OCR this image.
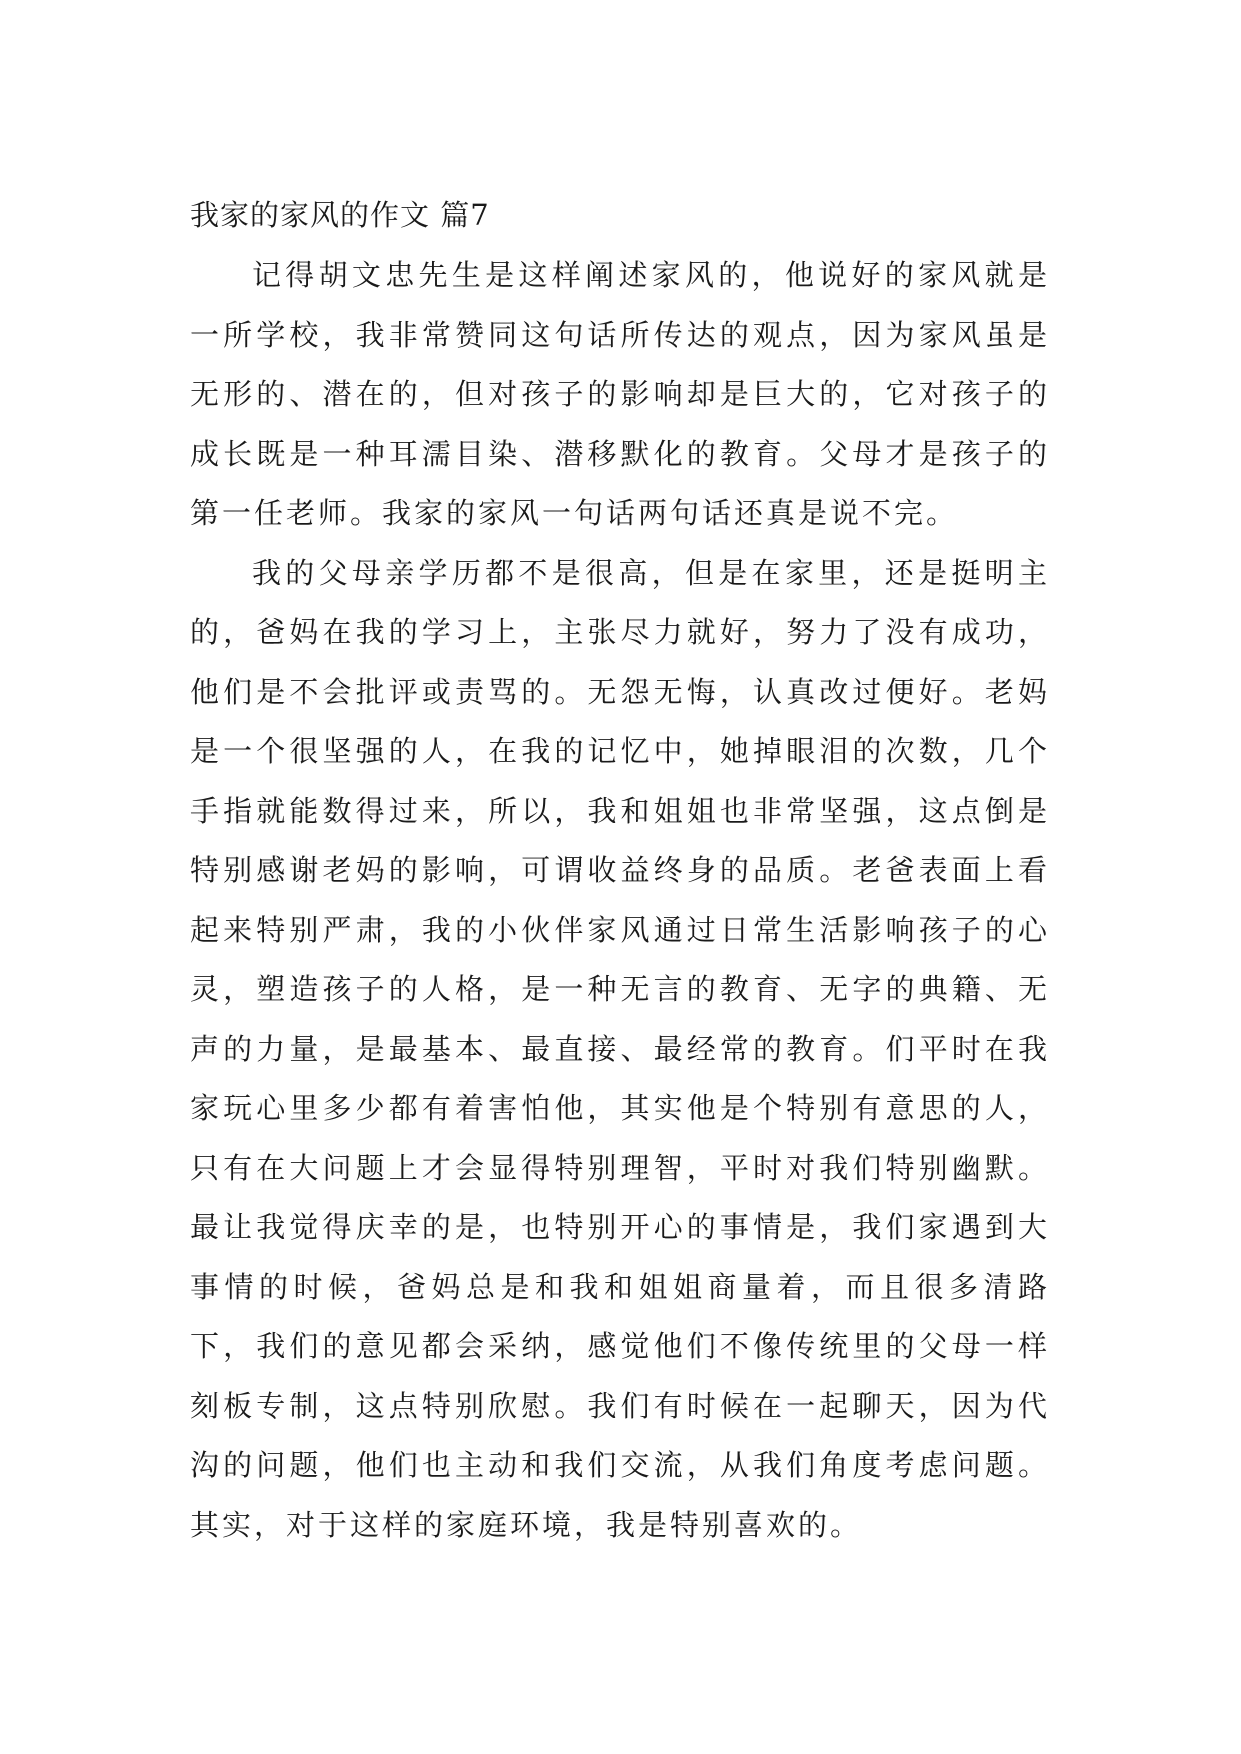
我家的家风的作文 篇7

记得胡文忠先生是这样阐述家风的，他说好的家风就是一所学校，我非常赞同这句话所传达的观点，因为家风虽是无形的、潜在的，但对孩子的影响却是巨大的，它对孩子的成长既是一种耳濡目染、潜移默化的教育。父母才是孩子的第一任老师。我家的家风一句话两句话还真是说不完。

我的父母亲学历都不是很高，但是在家里，还是挺明主的，爸妈在我的学习上，主张尽力就好，努力了没有成功，他们是不会批评或责骂的。无怨无悔，认真改过便好。老妈是一个很坚强的人，在我的记忆中，她掉眼泪的次数，几个手指就能数得过来，所以，我和姐姐也非常坚强，这点倒是特别感谢老妈的影响，可谓收益终身的品质。老爸表面上看起来特别严肃，我的小伙伴家风通过日常生活影响孩子的心灵，塑造孩子的人格，是一种无言的教育、无字的典籍、无声的力量，是最基本、最直接、最经常的教育。们平时在我家玩心里多少都有着害怕他，其实他是个特别有意思的人，只有在大问题上才会显得特别理智，平时对我们特别幽默。最让我觉得庆幸的是，也特别开心的事情是，我们家遇到大事情的时候，爸妈总是和我和姐姐商量着，而且很多清路下，我们的意见都会采纳，感觉他们不像传统里的父母一样刻板专制，这点特别欣慰。我们有时候在一起聊天，因为代沟的问题，他们也主动和我们交流，从我们角度考虑问题。其实，对于这样的家庭环境，我是特别喜欢的。
